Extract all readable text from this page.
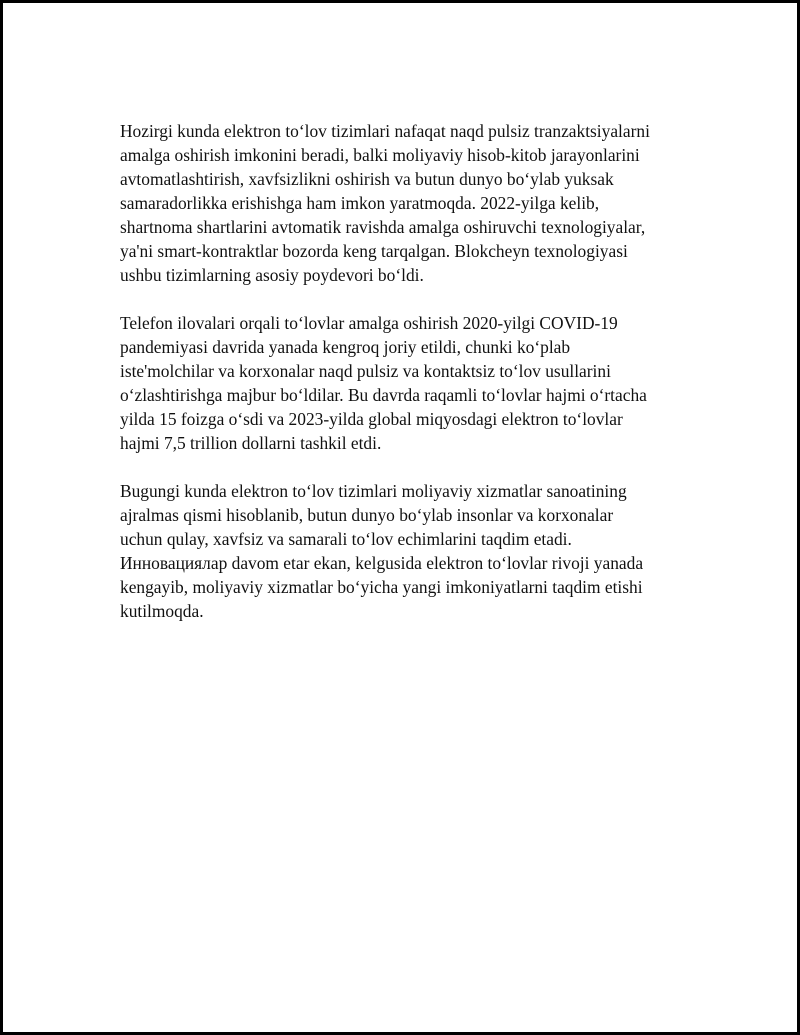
Hozirgi kunda elektron to‘lov tizimlari nafaqat naqd pulsiz tranzaktsiyalarni
amalga oshirish imkonini beradi, balki moliyaviy hisob-kitob jarayonlarini
avtomatlashtirish, xavfsizlikni oshirish va butun dunyo bo‘ylab yuksak
samaradorlikka erishishga ham imkon yaratmoqda. 2022-yilga kelib,
shartnoma shartlarini avtomatik ravishda amalga oshiruvchi texnologiyalar,
ya'ni smart-kontraktlar bozorda keng tarqalgan. Blokcheyn texnologiyasi
ushbu tizimlarning asosiy poydevori bo‘ldi.

Telefon ilovalari orqali to‘lovlar amalga oshirish 2020-yilgi COVID-19
pandemiyasi davrida yanada kengroq joriy etildi, chunki ko‘plab
iste'molchilar va korxonalar naqd pulsiz va kontaktsiz to‘lov usullarini
o‘zlashtirishga majbur bo‘ldilar. Bu davrda raqamli to‘lovlar hajmi o‘rtacha
yilda 15 foizga o‘sdi va 2023-yilda global miqyosdagi elektron to‘lovlar
hajmi 7,5 trillion dollarni tashkil etdi.

Bugungi kunda elektron to‘lov tizimlari moliyaviy xizmatlar sanoatining
ajralmas qismi hisoblanib, butun dunyo bo‘ylab insonlar va korxonalar
uchun qulay, xavfsiz va samarali to‘lov echimlarini taqdim etadi.
Инновациялар davom etar ekan, kelgusida elektron to‘lovlar rivoji yanada
kengayib, moliyaviy xizmatlar bo‘yicha yangi imkoniyatlarni taqdim etishi
kutilmoqda.
